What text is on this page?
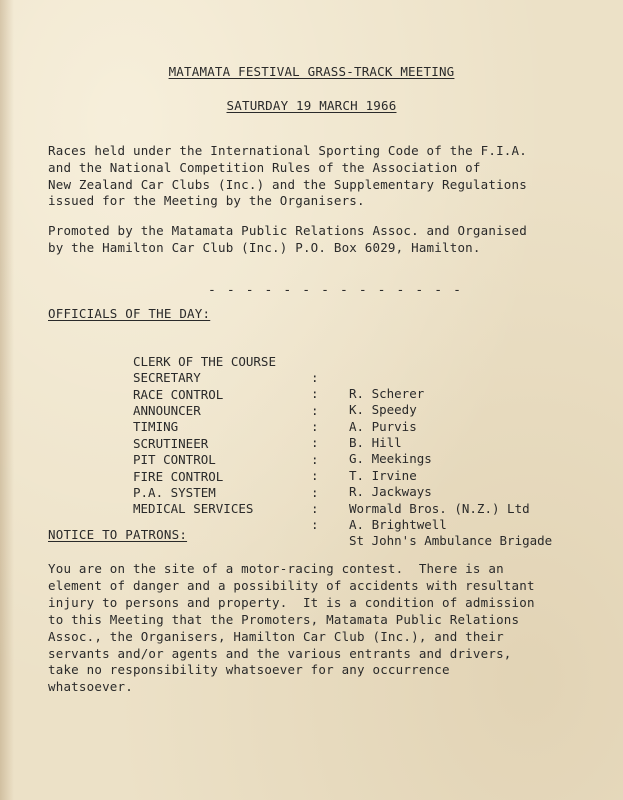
MATAMATA FESTIVAL GRASS-TRACK MEETING
SATURDAY 19 MARCH 1966
Races held under the International Sporting Code of the F.I.A.
and the National Competition Rules of the Association of
New Zealand Car Clubs (Inc.) and the Supplementary Regulations
issued for the Meeting by the Organisers.
Promoted by the Matamata Public Relations Assoc. and Organised
by the Hamilton Car Club (Inc.) P.O. Box 6029, Hamilton.
- - - - - - - - - - - - - -
OFFICIALS OF THE DAY:

CLERK OF THE COURSE

:

R. Scherer

SECRETARY

:

K. Speedy

RACE CONTROL

:

A. Purvis

ANNOUNCER

:

B. Hill

TIMING

:

G. Meekings

SCRUTINEER

:

T. Irvine

PIT CONTROL

:

R. Jackways

FIRE CONTROL

:

Wormald Bros. (N.Z.) Ltd

P.A. SYSTEM

:

A. Brightwell

MEDICAL SERVICES

:

St John's Ambulance Brigade

NOTICE TO PATRONS:
You are on the site of a motor-racing contest.  There is an
element of danger and a possibility of accidents with resultant
injury to persons and property.  It is a condition of admission
to this Meeting that the Promoters, Matamata Public Relations
Assoc., the Organisers, Hamilton Car Club (Inc.), and their
servants and/or agents and the various entrants and drivers,
take no responsibility whatsoever for any occurrence
whatsoever.
